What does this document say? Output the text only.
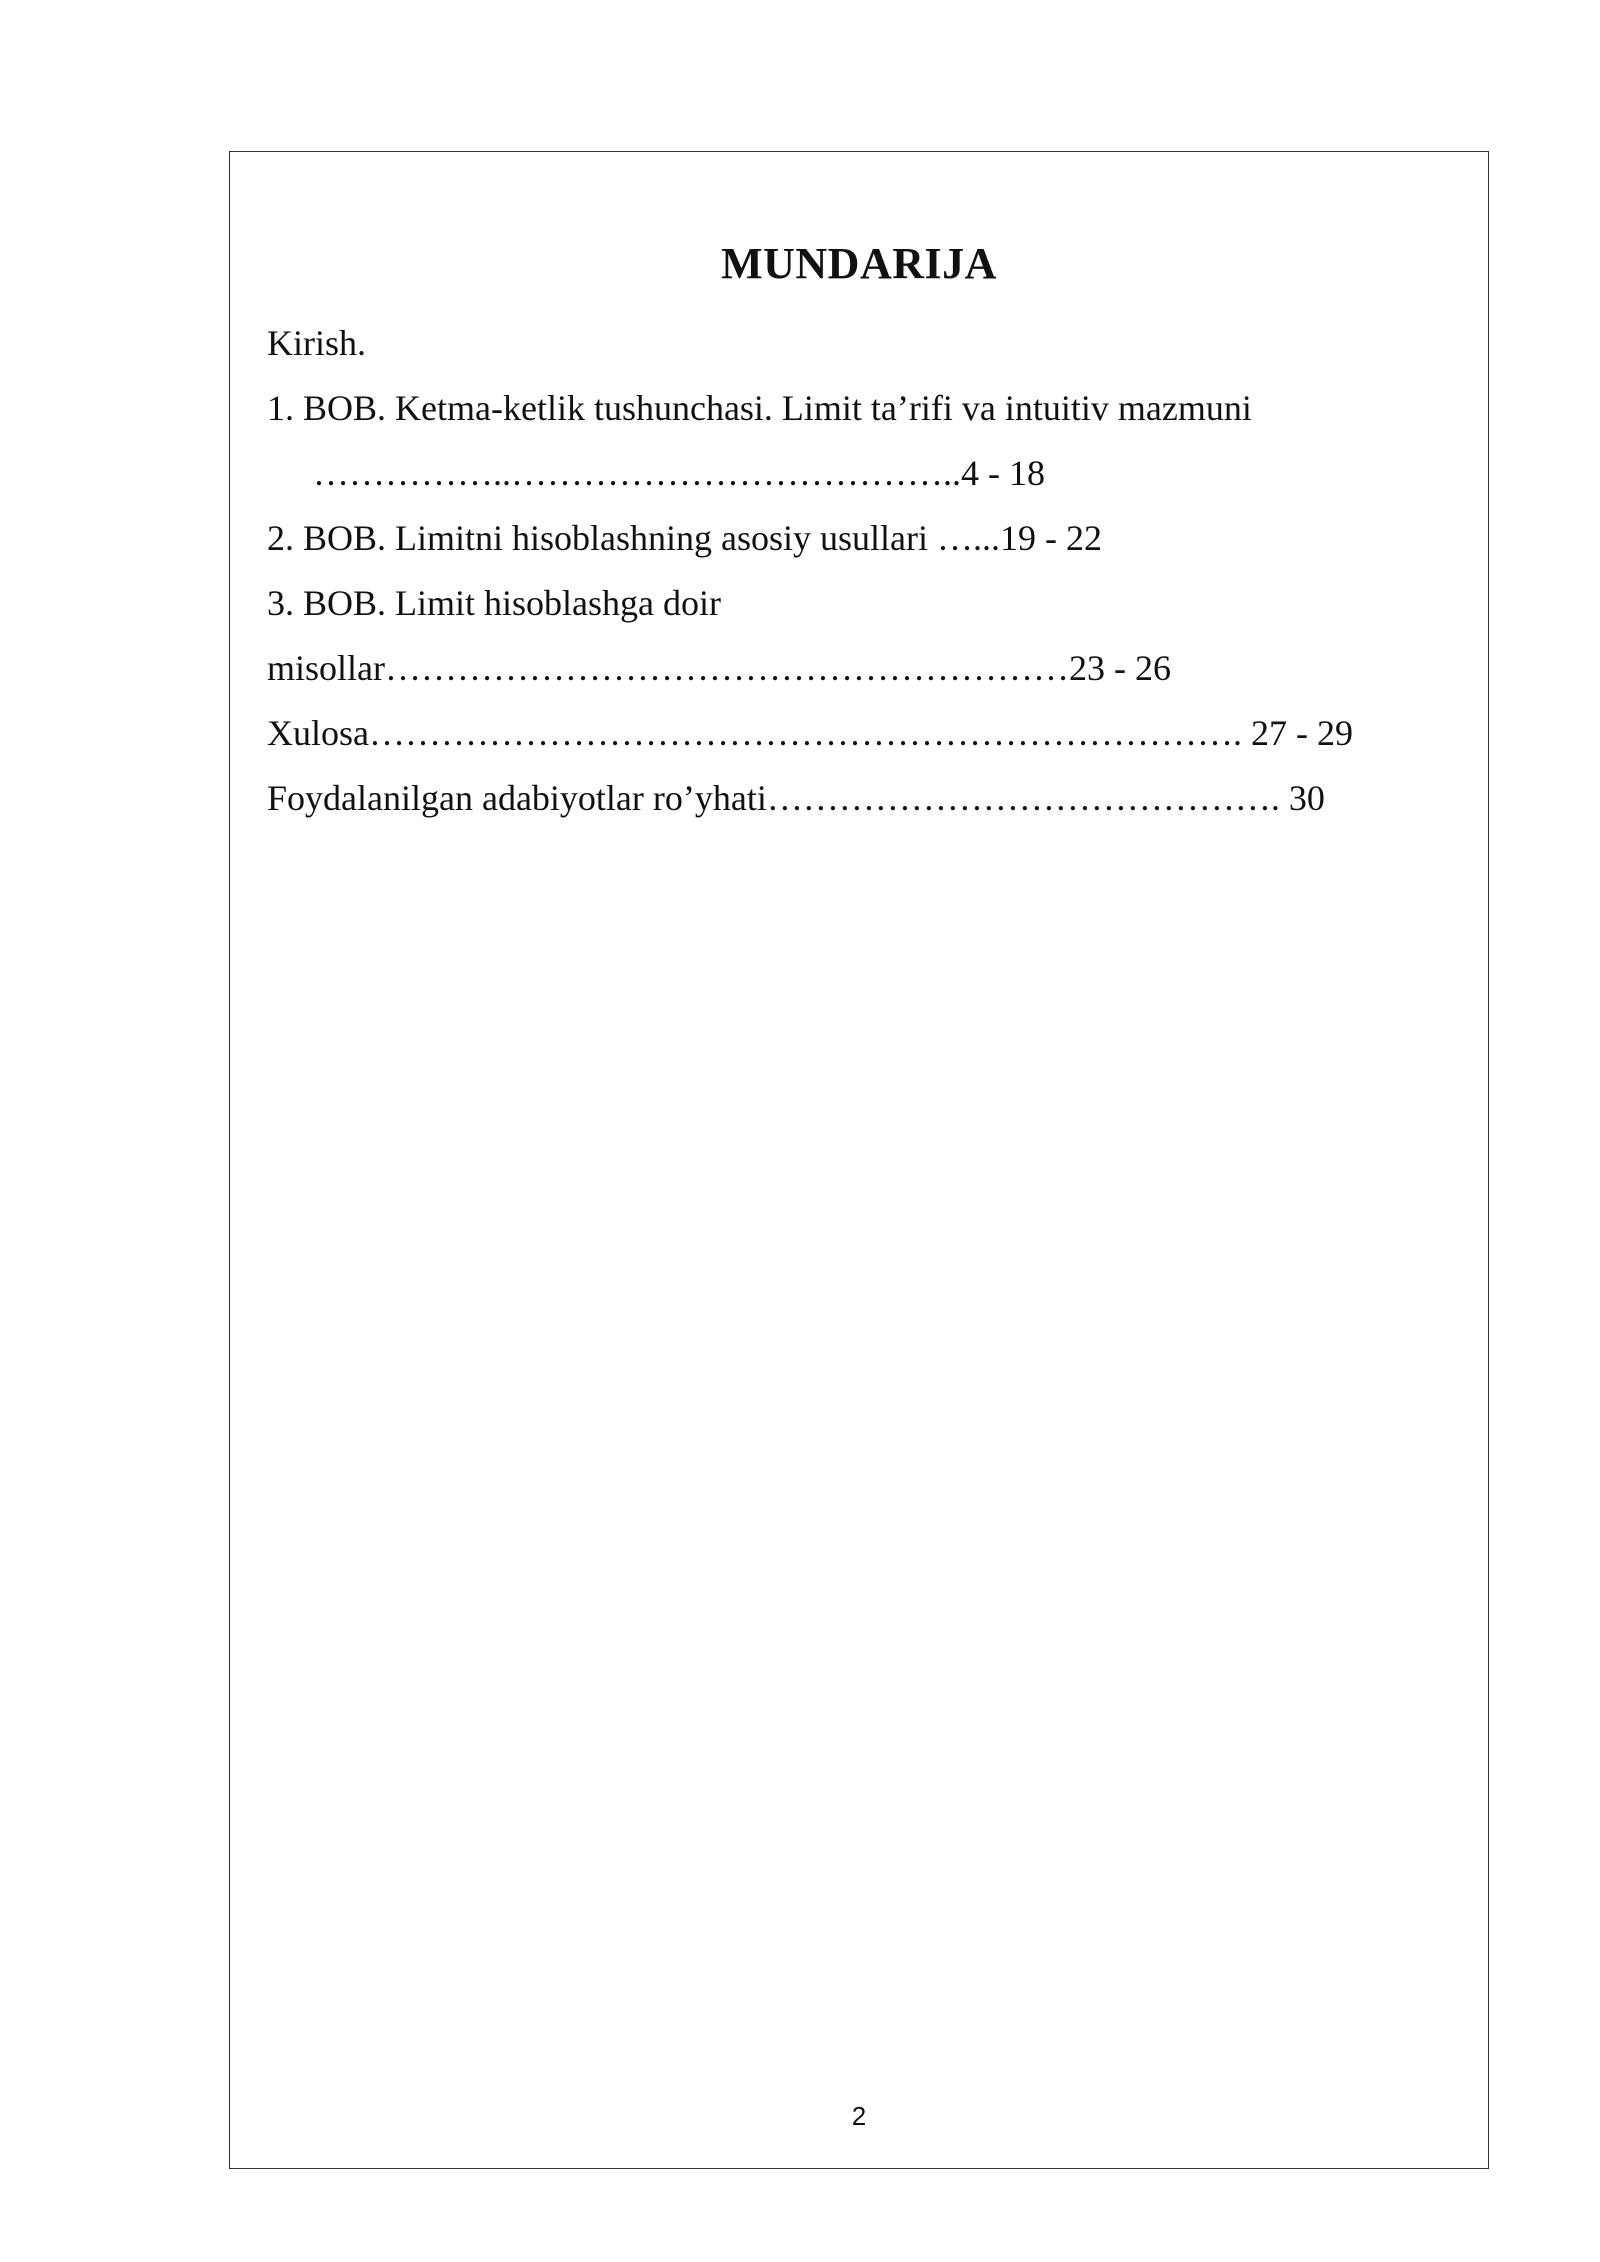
MUNDARIJA
Kirish.
1. BOB. Ketma-ketlik tushunchasi. Limit ta’rifi va intuitiv mazmuni
……………..………………………………..4 - 18
2. BOB. Limitni hisoblashning asosiy usullari …...19 - 22
3. BOB. Limit hisoblashga doir
misollar…………………………………………………23 - 26
Xulosa………………………………………………………………. 27 - 29
Foydalanilgan adabiyotlar ro’yhati……………………………………. 30
2
